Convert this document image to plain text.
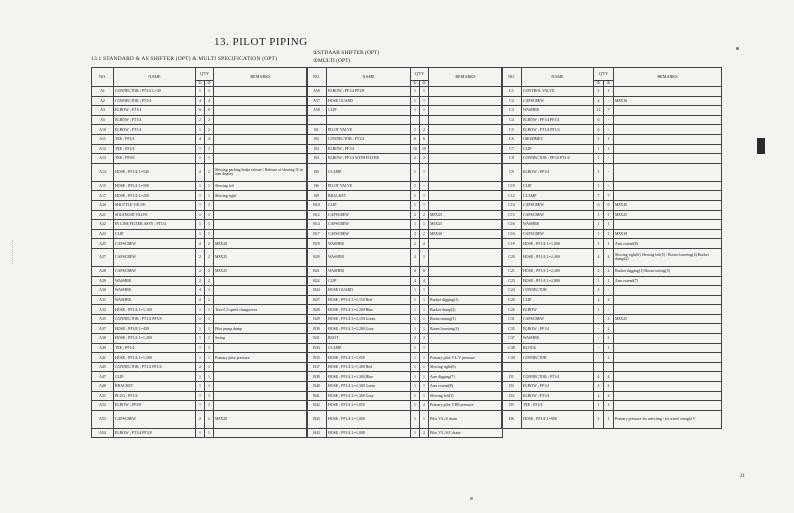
13. PILOT PIPING
13.1 STANDARD & AS SHIFTER (OPT) & MULTI SPECIFICATION (OPT)
①STDAAR SHIFTER (OPT)
②MULTI (OPT)
NO.	NAME	Q'TY		REMARKS
		①	②	
A1	CONNECTOR ; PT1/4 L=30	1	1	
A2	CONNECTOR ; PT1/4	4	4	
A3	ELBOW ; PT1/4	6	6	
A5	ELBOW ; PT1/4	2	2	
A10	ELBOW ; PT1/4	1	2	
A11	TEE ; PF1/4	4	4	
A12	TEE ; PF1/4	1	1	
A13	TEE ; PF3/8	1	1	
A14	HOSE ; PF1/4 L=540	2	2	Slewing parking brake release / Release of slewing ① in arm display
A15	HOSE ; PF1/4 L=500	1	1	Slewing left
A17	HOSE ; PF1/4 L=200	1	1	Slewing right
A20	SHUTTLE VALVE	1	1	
A21	SOLENOID VALVE	1	1	
A22	IN LINE FILTER ASSY ; PT1/4	1	1	
A23	CLIP	1	1	
A25	CAPSCREW	2	2	M8X20
A27	CAPSCREW	2	2	M8X25
A28	CAPSCREW	2	2	M8X25
A29	WASHER	2	2	
A30	WASHER	4	1	
A31	WASHER	2	2	
A32	HOSE ; PF1/4 L=1,100	1	1	Travel 2-speed changeover
A35	CONNECTOR ; PT1/4 PF3/8	1	1	
A37	HOSE ; PF3/8 L=450	1	1	Pilot pump dump
A38	HOSE ; PF1/4 L=1,200	1	1	Swing
A40	TEE ; PF1/4	1	1	
A41	HOSE ; PF1/4 L=1,500	1	1	Primary pilot pressure
A45	CONNECTOR ; PT1/4 PF1/4	2	1	
A47	CLIP	1	1	
A48	BRACKET	1	1	
A51	PLUG ; PF1/4	1	1	
A52	ELBOW ; PF3/8	1	1	
A53	CAPSCREW	2	2	M8X20
A54	ELBOW ; PT1/4 PF3/8	1	1	
NO.	NAME	Q'TY		REMARKS
		①	②	
A56	ELBOW ; PF1/4 PF3/8	1	1	
A57	HOSE GUARD	1	1	
A58	CLIP	1	1	

B1	PILOT VALVE	1	2	
B2	CONNECTOR ; PT1/4	6	6	
B3	ELBOW ; PF1/4	10	10	
B4	ELBOW ; PF1/4 WITH FILTER	2	2	
B5	CLAMP	1	1	
B6	PILOT VALVE	1	-	
B9	BRACKET	1	1	
B10	CLIP	1	1	
B12	CAPSCREW	2	2	M8X25
B14	CAPSCREW	1	1	M6X25
B17	CAPSCREW	2	2	M8X20
B19	WASHER	2	2	
B20	WASHER	2	1	
B21	WASHER	8	8	
B22	CLIP	4	4	
B24	HOSE GUARD	1	1	
B27	HOSE ; PF1/4 L=2,150 Red	1	1	Bucket digging(1)
B28	HOSE ; PF1/4 L=2,200 Blue	1	1	Bucket dump(2)
B29	HOSE ; PF1/4 L=2,150 Green	1	1	Boom raising(3)
B30	HOSE ; PF1/4 L=2,200 Gray	1	1	Boom lowering(4)
B31	BOOT	2	2	
B33	CLAMP	1	1	
B35	HOSE ; PF1/4 L=1,050	1	1	Primary pilot V.L/V pressure
B37	HOSE ; PF1/4 L=1,300 Red	1	1	Slewing right(6)
B38	HOSE ; PF1/4 L=1,300 Blue	1	1	Arm digging(7)
B40	HOSE ; PF1/4 L=1,300 Green	1	1	Arm extend(8)
B41	HOSE ; PF1/4 L=1,300 Gray	1	1	Slewing left(5)
B42	HOSE ; PF1/4 L=1,050	1	2	Primary pilot V.BS pressure
B43	HOSE ; PF1/4 L=1,000	1	1	Pilot V/L/S drain
B43	HOSE ; PF1/4 L=1,000	1	2	Pilot V/L/S/C drain
NO.	NAME	Q'TY		REMARKS
		①	②	
C1	CONTROL VALVE	1	1	
C2	CAPSCREW	4	-	M8X16
C3	WASHER	12	7	
C4	ELBOW ; PF1/4 PF1/4	6	-	
C5	ELBOW ; PT1/4 PF1/4	6	-	
C6	GROMMET	1	1	
C7	CLIP	1	1	
C8	CONNECTOR ; PF1/8 PT1/4	1	-	
C9	ELBOW ; PF1/4	1	-	
C10	CLIP	1	-	
C12	CLAMP	7	7	
C14	CAPSCREW	6	6	M8X40
C15	CAPSCREW	1	1	M8X25
C16	WASHER	1	1	
C16	CAPSCREW	1	1	M8X18
C19	HOSE ; PF1/4 L=1,000	1	1	Arm extend(8)
C20	HOSE ; PF1/4 L=2,400	4	4	Slewing right(6) Slewing left(5) / Boom lowering(4) Bucket dump(2)
C21	HOSE ; PF1/4 L=2,300	2	2	Bucket digging(1) Boom raising(3)
C23	HOSE ; PF1/4 L=2,800	1	1	Arm extend(7)
C24	CONNECTOR	2	-	
C26	CLIP	2	2	
C26	ELBOW	1	-	
C31	CAPSCREW	-	2	M8X25
C35	ELBOW ; PF1/4	-	2	
C37	WASHER	-	2	
C38	BLOCK	-	1	
C39	CONNECTOR	-	2	

D1	CONNECTOR ; PT1/4	4	4	
D3	ELBOW ; PF1/4	2	2	
D4	ELBOW ; PT1/4	2	2	
D5	TEE ; PF1/4	1	1	
D6	HOSE ; PF1/4 L=900	1	1	Primary pressure for selecting / for travel straight V
21
